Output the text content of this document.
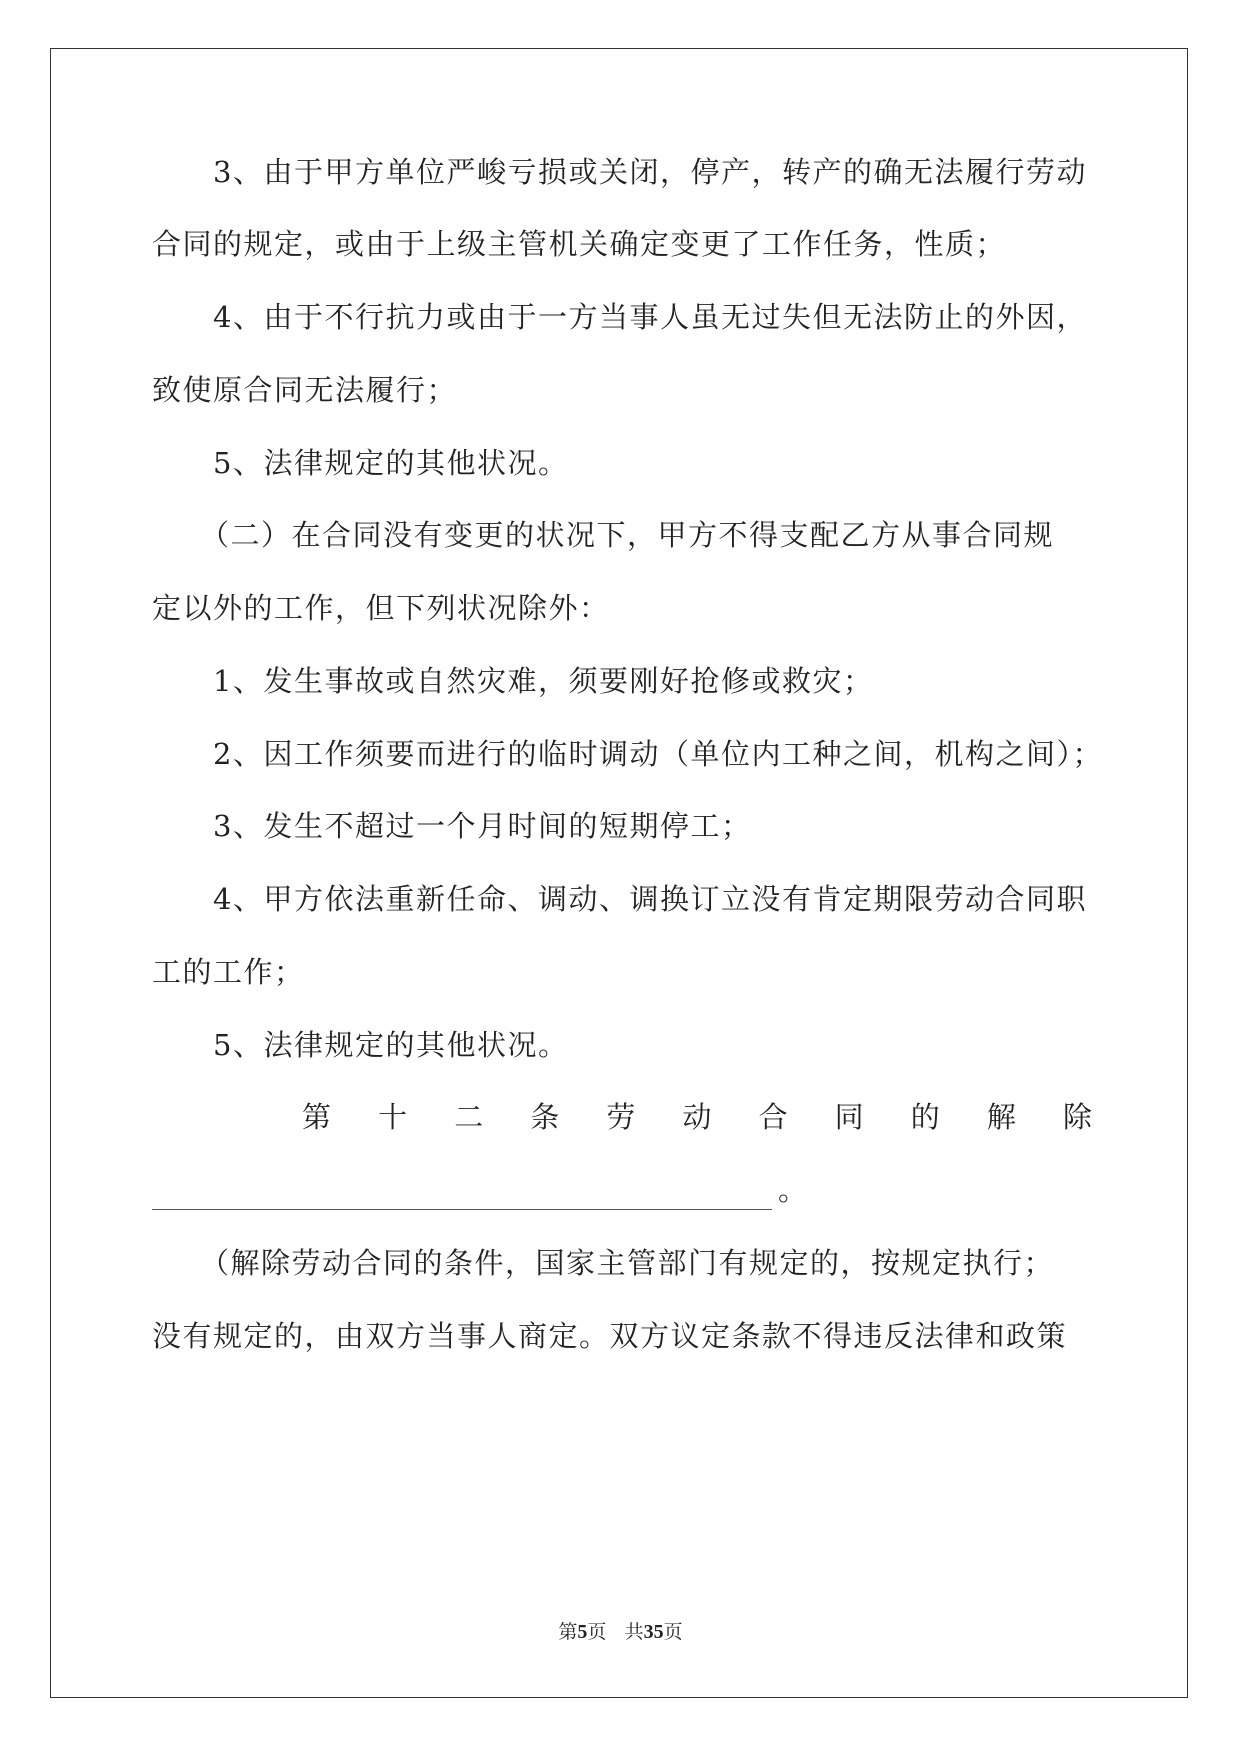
3、由于甲方单位严峻亏损或关闭，停产，转产的确无法履行劳动
合同的规定，或由于上级主管机关确定变更了工作任务，性质；
4、由于不行抗力或由于一方当事人虽无过失但无法防止的外因，
致使原合同无法履行；
5、法律规定的其他状况。
（二）在合同没有变更的状况下，甲方不得支配乙方从事合同规
定以外的工作，但下列状况除外：
1、发生事故或自然灾难，须要刚好抢修或救灾；
2、因工作须要而进行的临时调动（单位内工种之间，机构之间）；
3、发生不超过一个月时间的短期停工；
4、甲方依法重新任命、调动、调换订立没有肯定期限劳动合同职
工的工作；
5、法律规定的其他状况。
第 十 二 条 劳 动 合 同 的 解 除
。
（解除劳动合同的条件，国家主管部门有规定的，按规定执行；
没有规定的，由双方当事人商定。双方议定条款不得违反法律和政策
第5页 共35页
